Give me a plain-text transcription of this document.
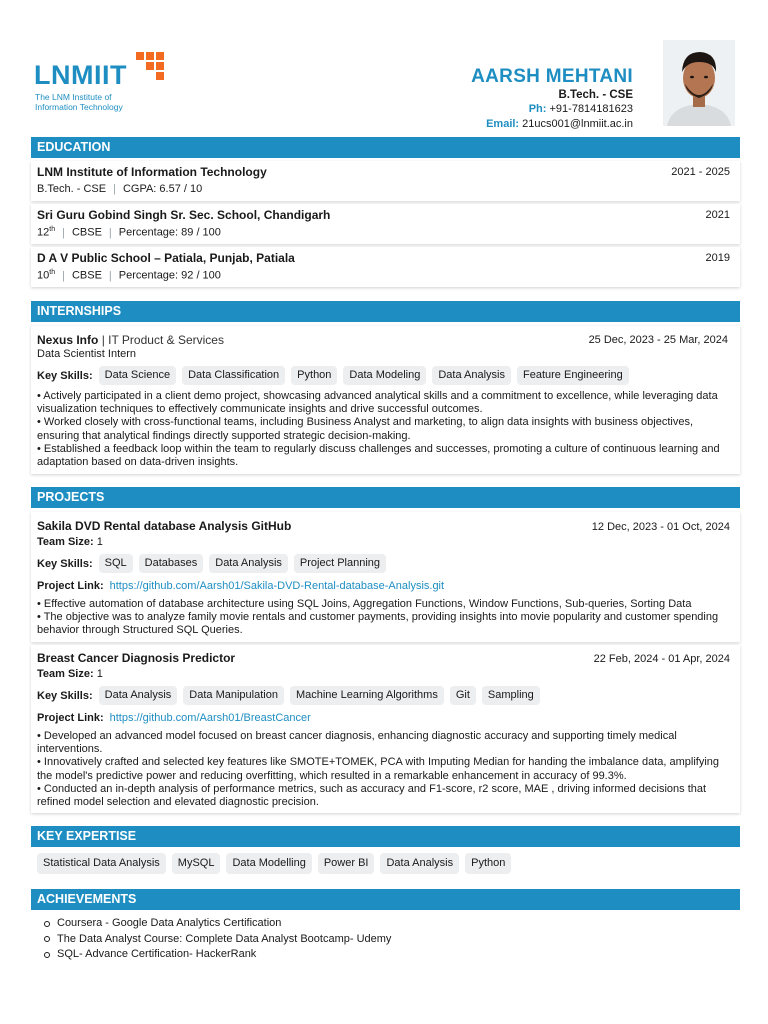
LNMIIT
The LNM Institute of
Information Technology
AARSH MEHTANI
B.Tech. - CSE
Ph: +91-7814181623
Email: 21ucs001@lnmiit.ac.in
EDUCATION
LNM Institute of Information Technology	2021 - 2025
B.Tech. - CSE | CGPA: 6.57 / 10
Sri Guru Gobind Singh Sr. Sec. School, Chandigarh	2021
12th | CBSE | Percentage: 89 / 100
D A V Public School – Patiala, Punjab, Patiala	2019
10th | CBSE | Percentage: 92 / 100
INTERNSHIPS
Nexus Info | IT Product & Services	25 Dec, 2023 - 25 Mar, 2024
Data Scientist Intern
Key Skills:	Data Science	Data Classification	Python	Data Modeling	Data Analysis	Feature Engineering
• Actively participated in a client demo project, showcasing advanced analytical skills and a commitment to excellence, while leveraging data visualization techniques to effectively communicate insights and drive successful outcomes.
• Worked closely with cross-functional teams, including Business Analyst and marketing, to align data insights with business objectives, ensuring that analytical findings directly supported strategic decision-making.
• Established a feedback loop within the team to regularly discuss challenges and successes, promoting a culture of continuous learning and adaptation based on data-driven insights.
PROJECTS
Sakila DVD Rental database Analysis GitHub	12 Dec, 2023 - 01 Oct, 2024
Team Size: 1
Key Skills:	SQL	Databases	Data Analysis	Project Planning
Project Link: https://github.com/Aarsh01/Sakila-DVD-Rental-database-Analysis.git
• Effective automation of database architecture using SQL Joins, Aggregation Functions, Window Functions, Sub-queries, Sorting Data
• The objective was to analyze family movie rentals and customer payments, providing insights into movie popularity and customer spending behavior through Structured SQL Queries.
Breast Cancer Diagnosis Predictor	22 Feb, 2024 - 01 Apr, 2024
Team Size: 1
Key Skills:	Data Analysis	Data Manipulation	Machine Learning Algorithms	Git	Sampling
Project Link: https://github.com/Aarsh01/BreastCancer
• Developed an advanced model focused on breast cancer diagnosis, enhancing diagnostic accuracy and supporting timely medical interventions.
• Innovatively crafted and selected key features like SMOTE+TOMEK, PCA with Imputing Median for handing the imbalance data, amplifying the model's predictive power and reducing overfitting, which resulted in a remarkable enhancement in accuracy of 99.3%.
• Conducted an in-depth analysis of performance metrics, such as accuracy and F1-score, r2 score, MAE , driving informed decisions that refined model selection and elevated diagnostic precision.
KEY EXPERTISE
Statistical Data Analysis	MySQL	Data Modelling	Power BI	Data Analysis	Python
ACHIEVEMENTS
Coursera - Google Data Analytics Certification
The Data Analyst Course: Complete Data Analyst Bootcamp- Udemy
SQL- Advance Certification- HackerRank
